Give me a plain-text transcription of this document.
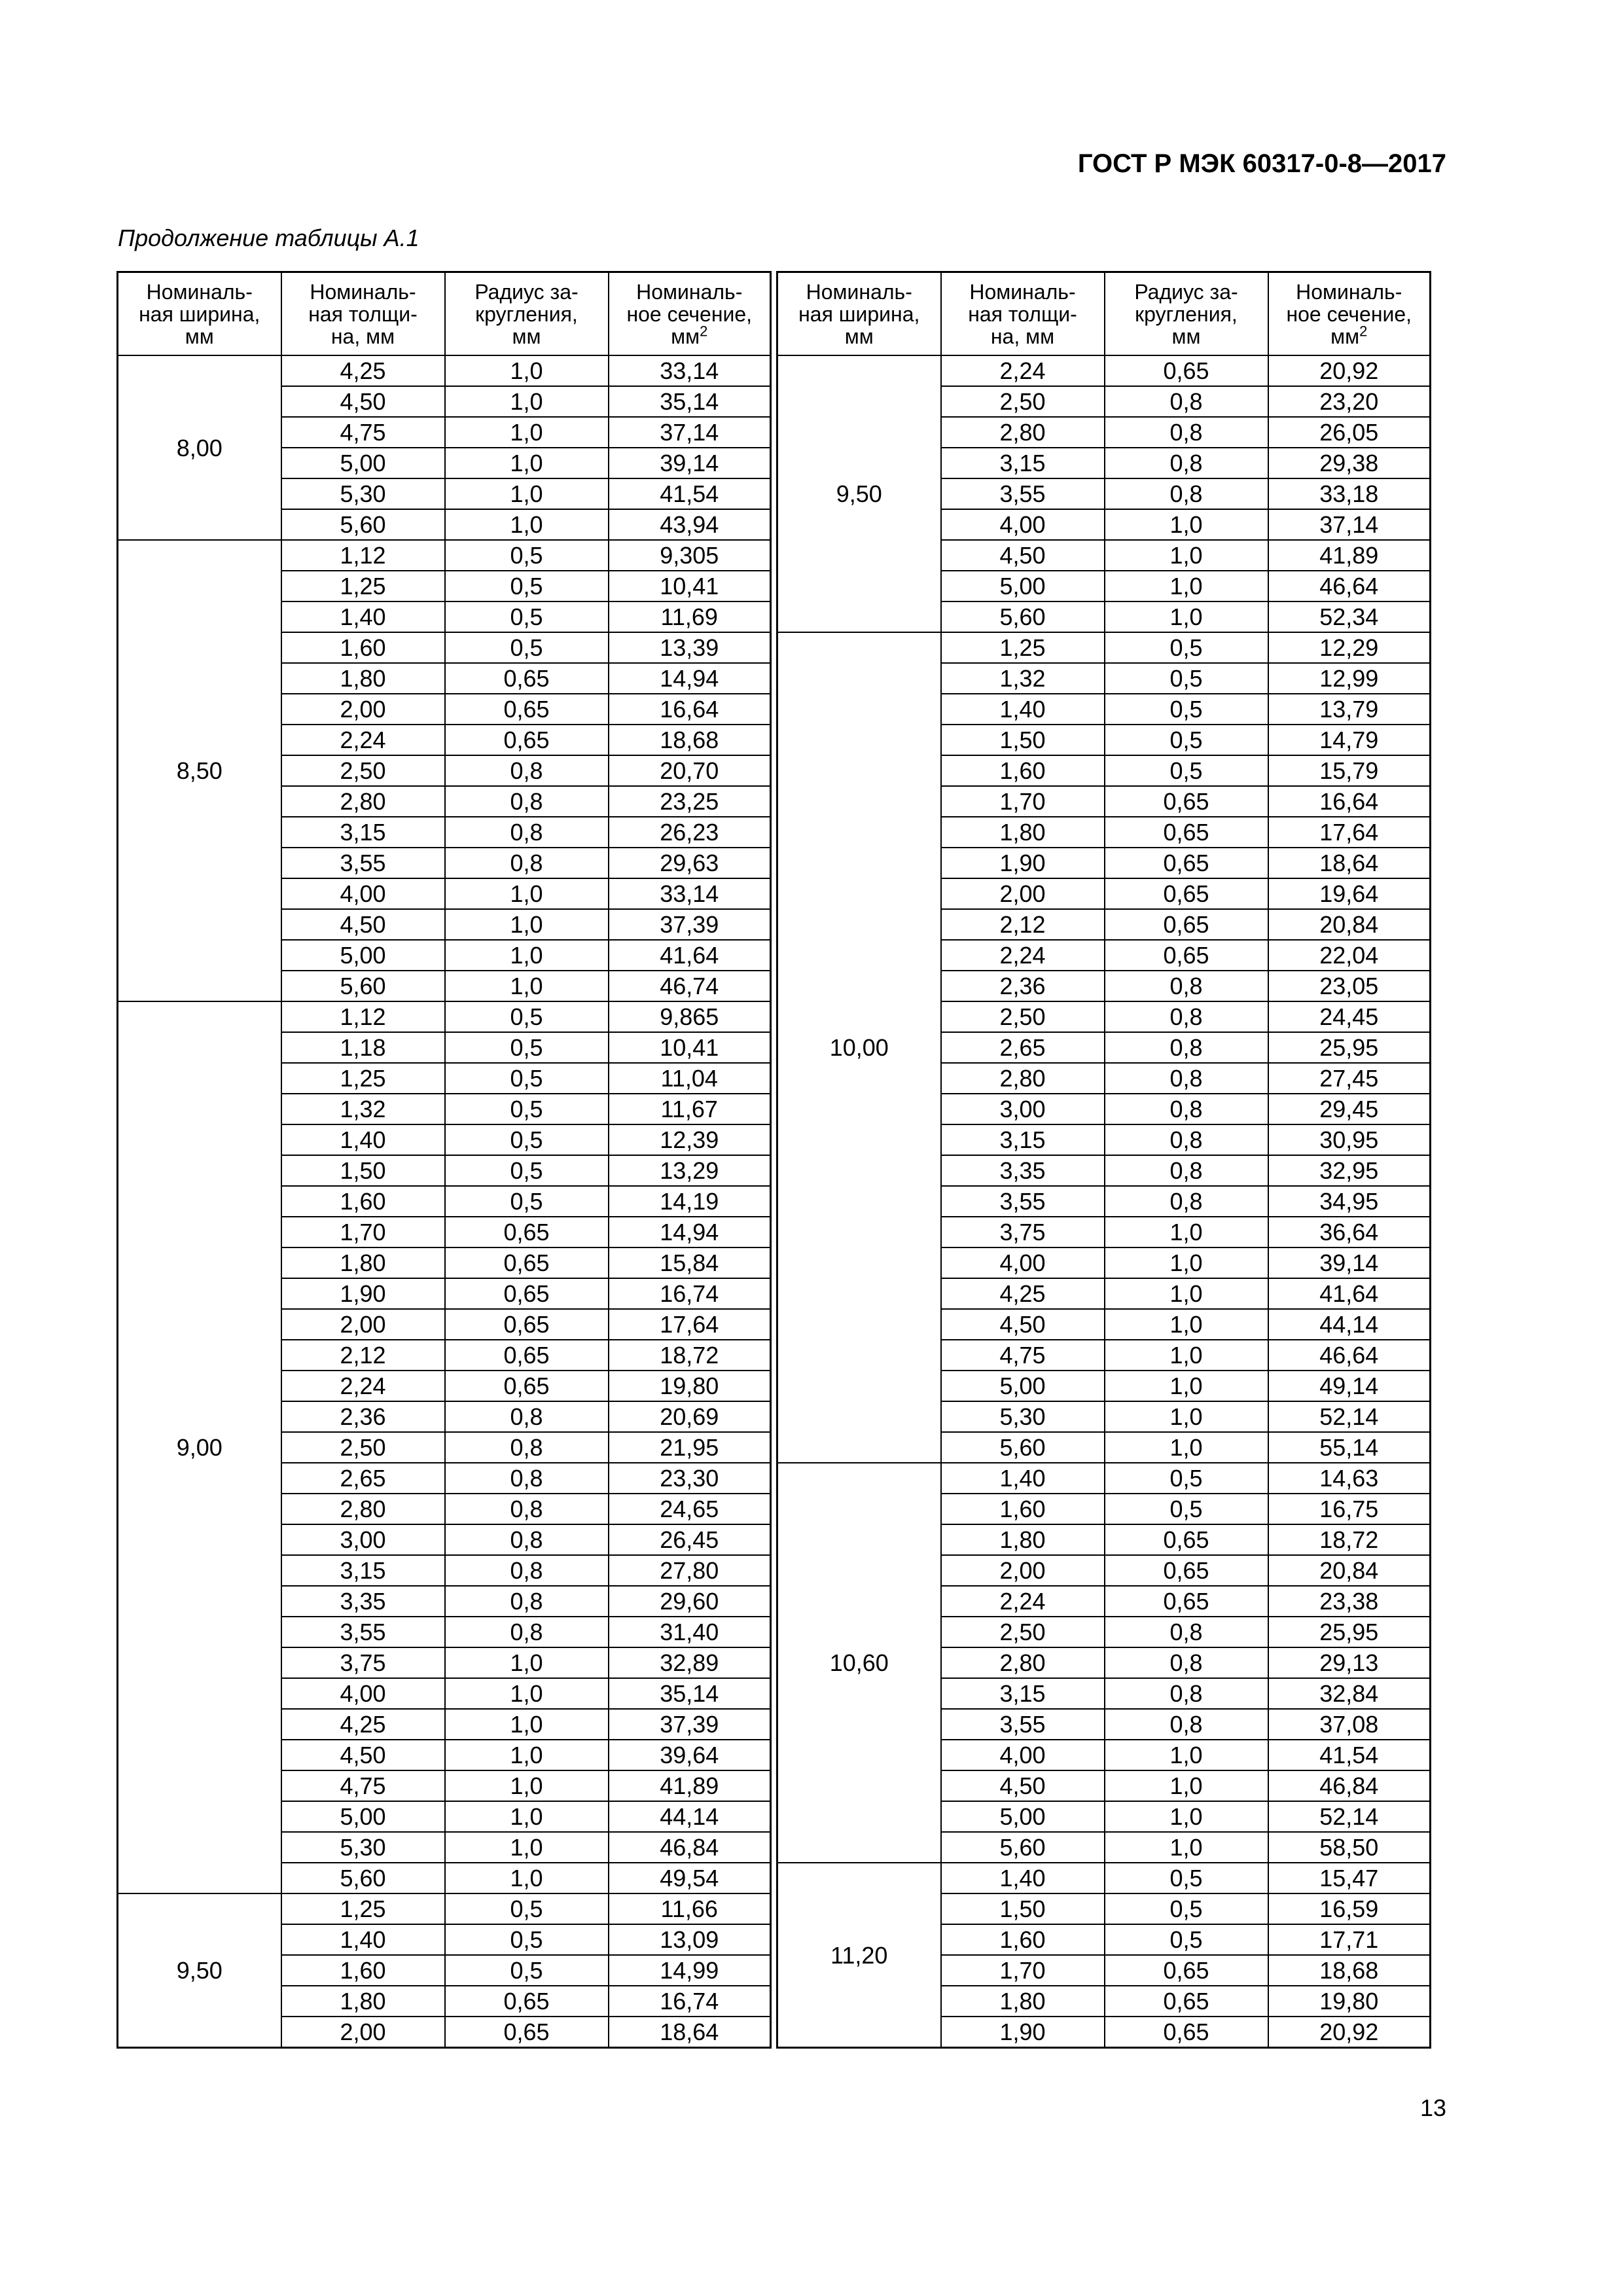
ГОСТ Р МЭК 60317-0-8—2017
Продолжение таблицы А.1
Номиналь-
ная ширина,
мм	Номиналь-
ная толщи-
на, мм	Радиус за-
кругления,
мм	Номиналь-
ное сечение,
$мм^2$
8,00	4,25	1,0	33,14
	4,50	1,0	35,14
	4,75	1,0	37,14
	5,00	1,0	39,14
	5,30	1,0	41,54
	5,60	1,0	43,94
8,50	1,12	0,5	9,305
	1,25	0,5	10,41
	1,40	0,5	11,69
	1,60	0,5	13,39
	1,80	0,65	14,94
	2,00	0,65	16,64
	2,24	0,65	18,68
	2,50	0,8	20,70
	2,80	0,8	23,25
	3,15	0,8	26,23
	3,55	0,8	29,63
	4,00	1,0	33,14
	4,50	1,0	37,39
	5,00	1,0	41,64
	5,60	1,0	46,74
9,00	1,12	0,5	9,865
	1,18	0,5	10,41
	1,25	0,5	11,04
	1,32	0,5	11,67
	1,40	0,5	12,39
	1,50	0,5	13,29
	1,60	0,5	14,19
	1,70	0,65	14,94
	1,80	0,65	15,84
	1,90	0,65	16,74
	2,00	0,65	17,64
	2,12	0,65	18,72
	2,24	0,65	19,80
	2,36	0,8	20,69
	2,50	0,8	21,95
	2,65	0,8	23,30
	2,80	0,8	24,65
	3,00	0,8	26,45
	3,15	0,8	27,80
	3,35	0,8	29,60
	3,55	0,8	31,40
	3,75	1,0	32,89
	4,00	1,0	35,14
	4,25	1,0	37,39
	4,50	1,0	39,64
	4,75	1,0	41,89
	5,00	1,0	44,14
	5,30	1,0	46,84
	5,60	1,0	49,54
9,50	1,25	0,5	11,66
	1,40	0,5	13,09
	1,60	0,5	14,99
	1,80	0,65	16,74
	2,00	0,65	18,64
Номиналь-
ная ширина,
мм	Номиналь-
ная толщи-
на, мм	Радиус за-
кругления,
мм	Номиналь-
ное сечение,
$мм^2$
9,50	2,24	0,65	20,92
	2,50	0,8	23,20
	2,80	0,8	26,05
	3,15	0,8	29,38
	3,55	0,8	33,18
	4,00	1,0	37,14
	4,50	1,0	41,89
	5,00	1,0	46,64
	5,60	1,0	52,34
10,00	1,25	0,5	12,29
	1,32	0,5	12,99
	1,40	0,5	13,79
	1,50	0,5	14,79
	1,60	0,5	15,79
	1,70	0,65	16,64
	1,80	0,65	17,64
	1,90	0,65	18,64
	2,00	0,65	19,64
	2,12	0,65	20,84
	2,24	0,65	22,04
	2,36	0,8	23,05
	2,50	0,8	24,45
	2,65	0,8	25,95
	2,80	0,8	27,45
	3,00	0,8	29,45
	3,15	0,8	30,95
	3,35	0,8	32,95
	3,55	0,8	34,95
	3,75	1,0	36,64
	4,00	1,0	39,14
	4,25	1,0	41,64
	4,50	1,0	44,14
	4,75	1,0	46,64
	5,00	1,0	49,14
	5,30	1,0	52,14
	5,60	1,0	55,14
10,60	1,40	0,5	14,63
	1,60	0,5	16,75
	1,80	0,65	18,72
	2,00	0,65	20,84
	2,24	0,65	23,38
	2,50	0,8	25,95
	2,80	0,8	29,13
	3,15	0,8	32,84
	3,55	0,8	37,08
	4,00	1,0	41,54
	4,50	1,0	46,84
	5,00	1,0	52,14
	5,60	1,0	58,50
11,20	1,40	0,5	15,47
	1,50	0,5	16,59
	1,60	0,5	17,71
	1,70	0,65	18,68
	1,80	0,65	19,80
	1,90	0,65	20,92
13
